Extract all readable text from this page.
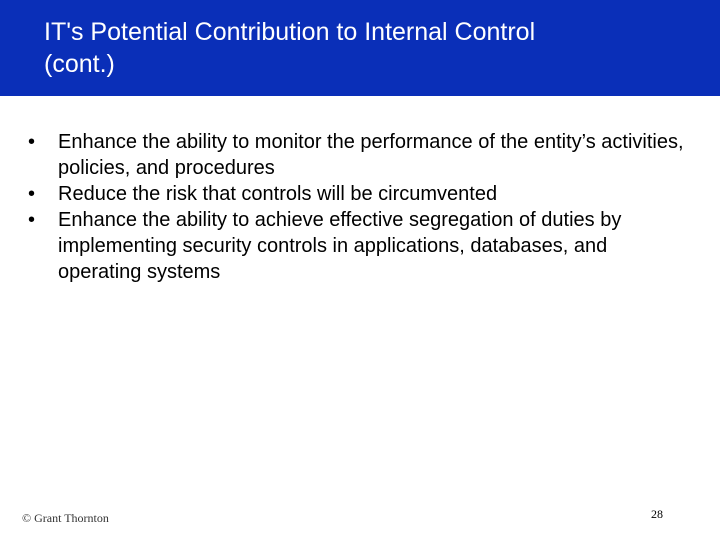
IT's Potential Contribution to Internal Control
(cont.)
•	Enhance the ability to monitor the performance of the entity’s activities, policies, and procedures
•	Reduce the risk that controls will be circumvented
•	Enhance the ability to achieve effective segregation of duties by implementing security controls in applications, databases, and operating systems
© Grant Thornton	28
